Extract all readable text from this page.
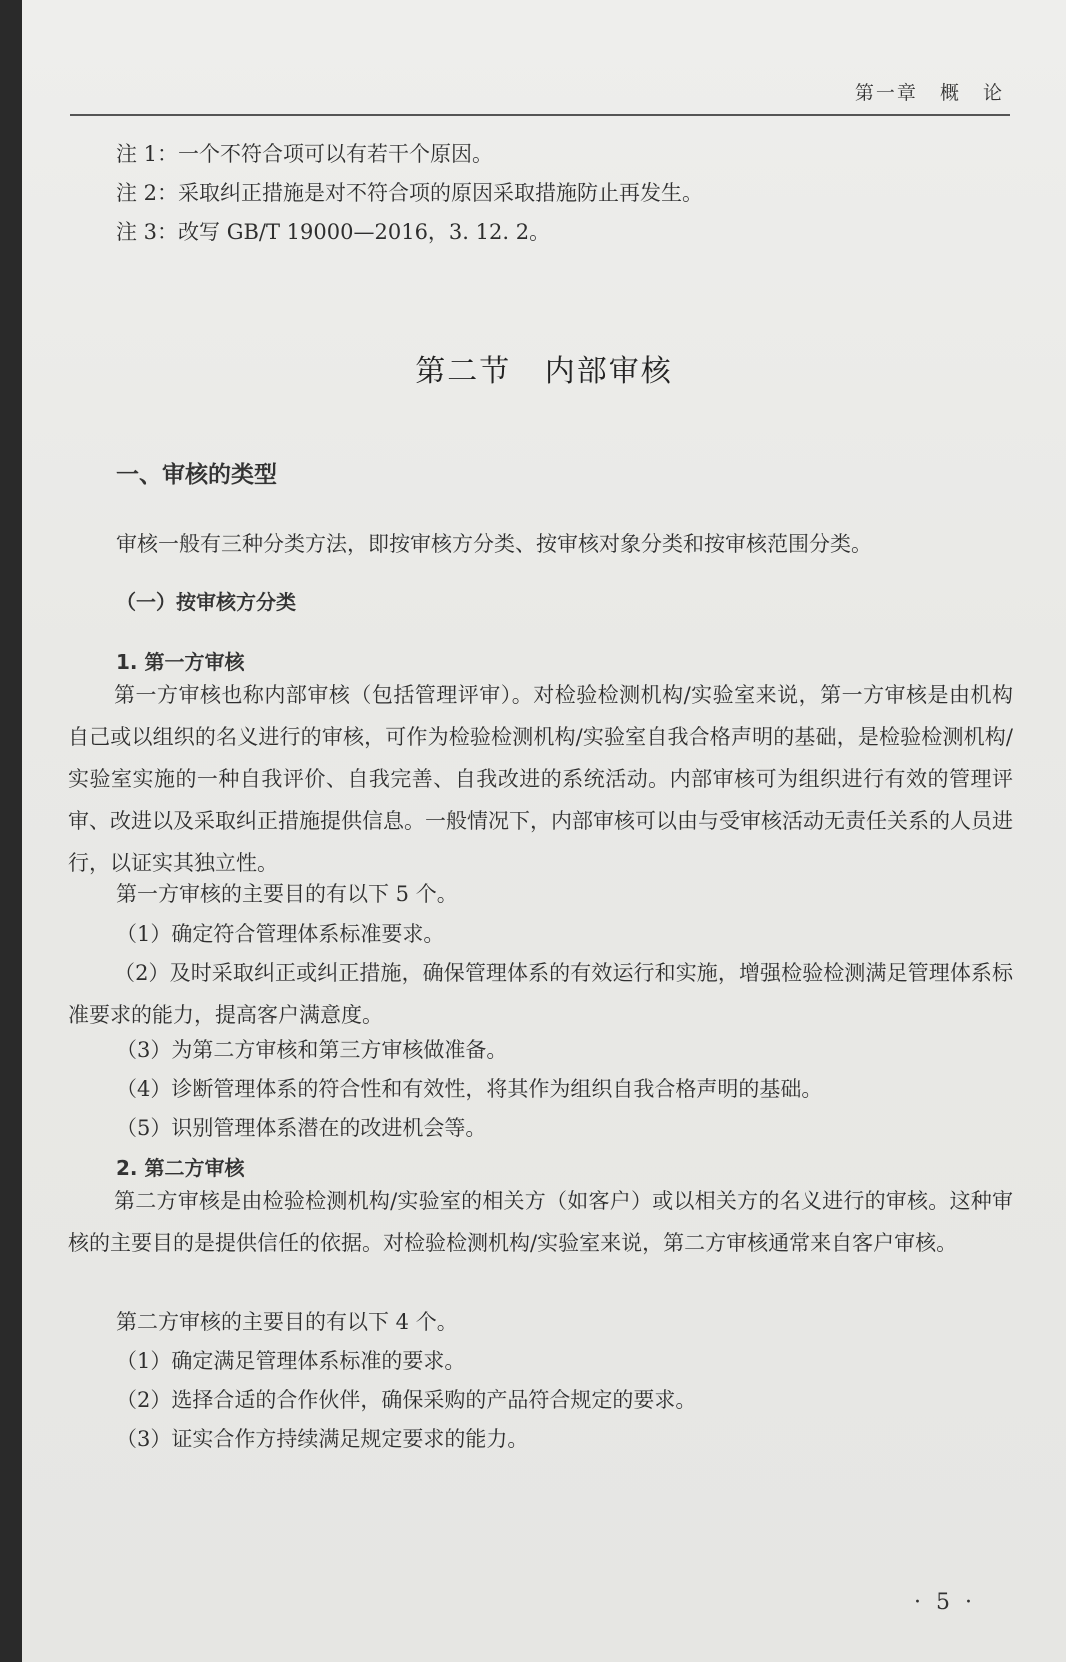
第一章 概 论
注 1：一个不符合项可以有若干个原因。
注 2：采取纠正措施是对不符合项的原因采取措施防止再发生。
注 3：改写 GB/T 19000—2016，3. 12. 2。
第二节 内部审核
一、审核的类型
审核一般有三种分类方法，即按审核方分类、按审核对象分类和按审核范围分类。
（一）按审核方分类
1. 第一方审核
第一方审核也称内部审核（包括管理评审）。对检验检测机构/实验室来说，第一方审核是由机构自己或以组织的名义进行的审核，可作为检验检测机构/实验室自我合格声明的基础，是检验检测机构/实验室实施的一种自我评价、自我完善、自我改进的系统活动。内部审核可为组织进行有效的管理评审、改进以及采取纠正措施提供信息。一般情况下，内部审核可以由与受审核活动无责任关系的人员进行，以证实其独立性。
第一方审核的主要目的有以下 5 个。
（1）确定符合管理体系标准要求。
（2）及时采取纠正或纠正措施，确保管理体系的有效运行和实施，增强检验检测满足管理体系标准要求的能力，提高客户满意度。
（3）为第二方审核和第三方审核做准备。
（4）诊断管理体系的符合性和有效性，将其作为组织自我合格声明的基础。
（5）识别管理体系潜在的改进机会等。
2. 第二方审核
第二方审核是由检验检测机构/实验室的相关方（如客户）或以相关方的名义进行的审核。这种审核的主要目的是提供信任的依据。对检验检测机构/实验室来说，第二方审核通常来自客户审核。
第二方审核的主要目的有以下 4 个。
（1）确定满足管理体系标准的要求。
（2）选择合适的合作伙伴，确保采购的产品符合规定的要求。
（3）证实合作方持续满足规定要求的能力。
· 5 ·
